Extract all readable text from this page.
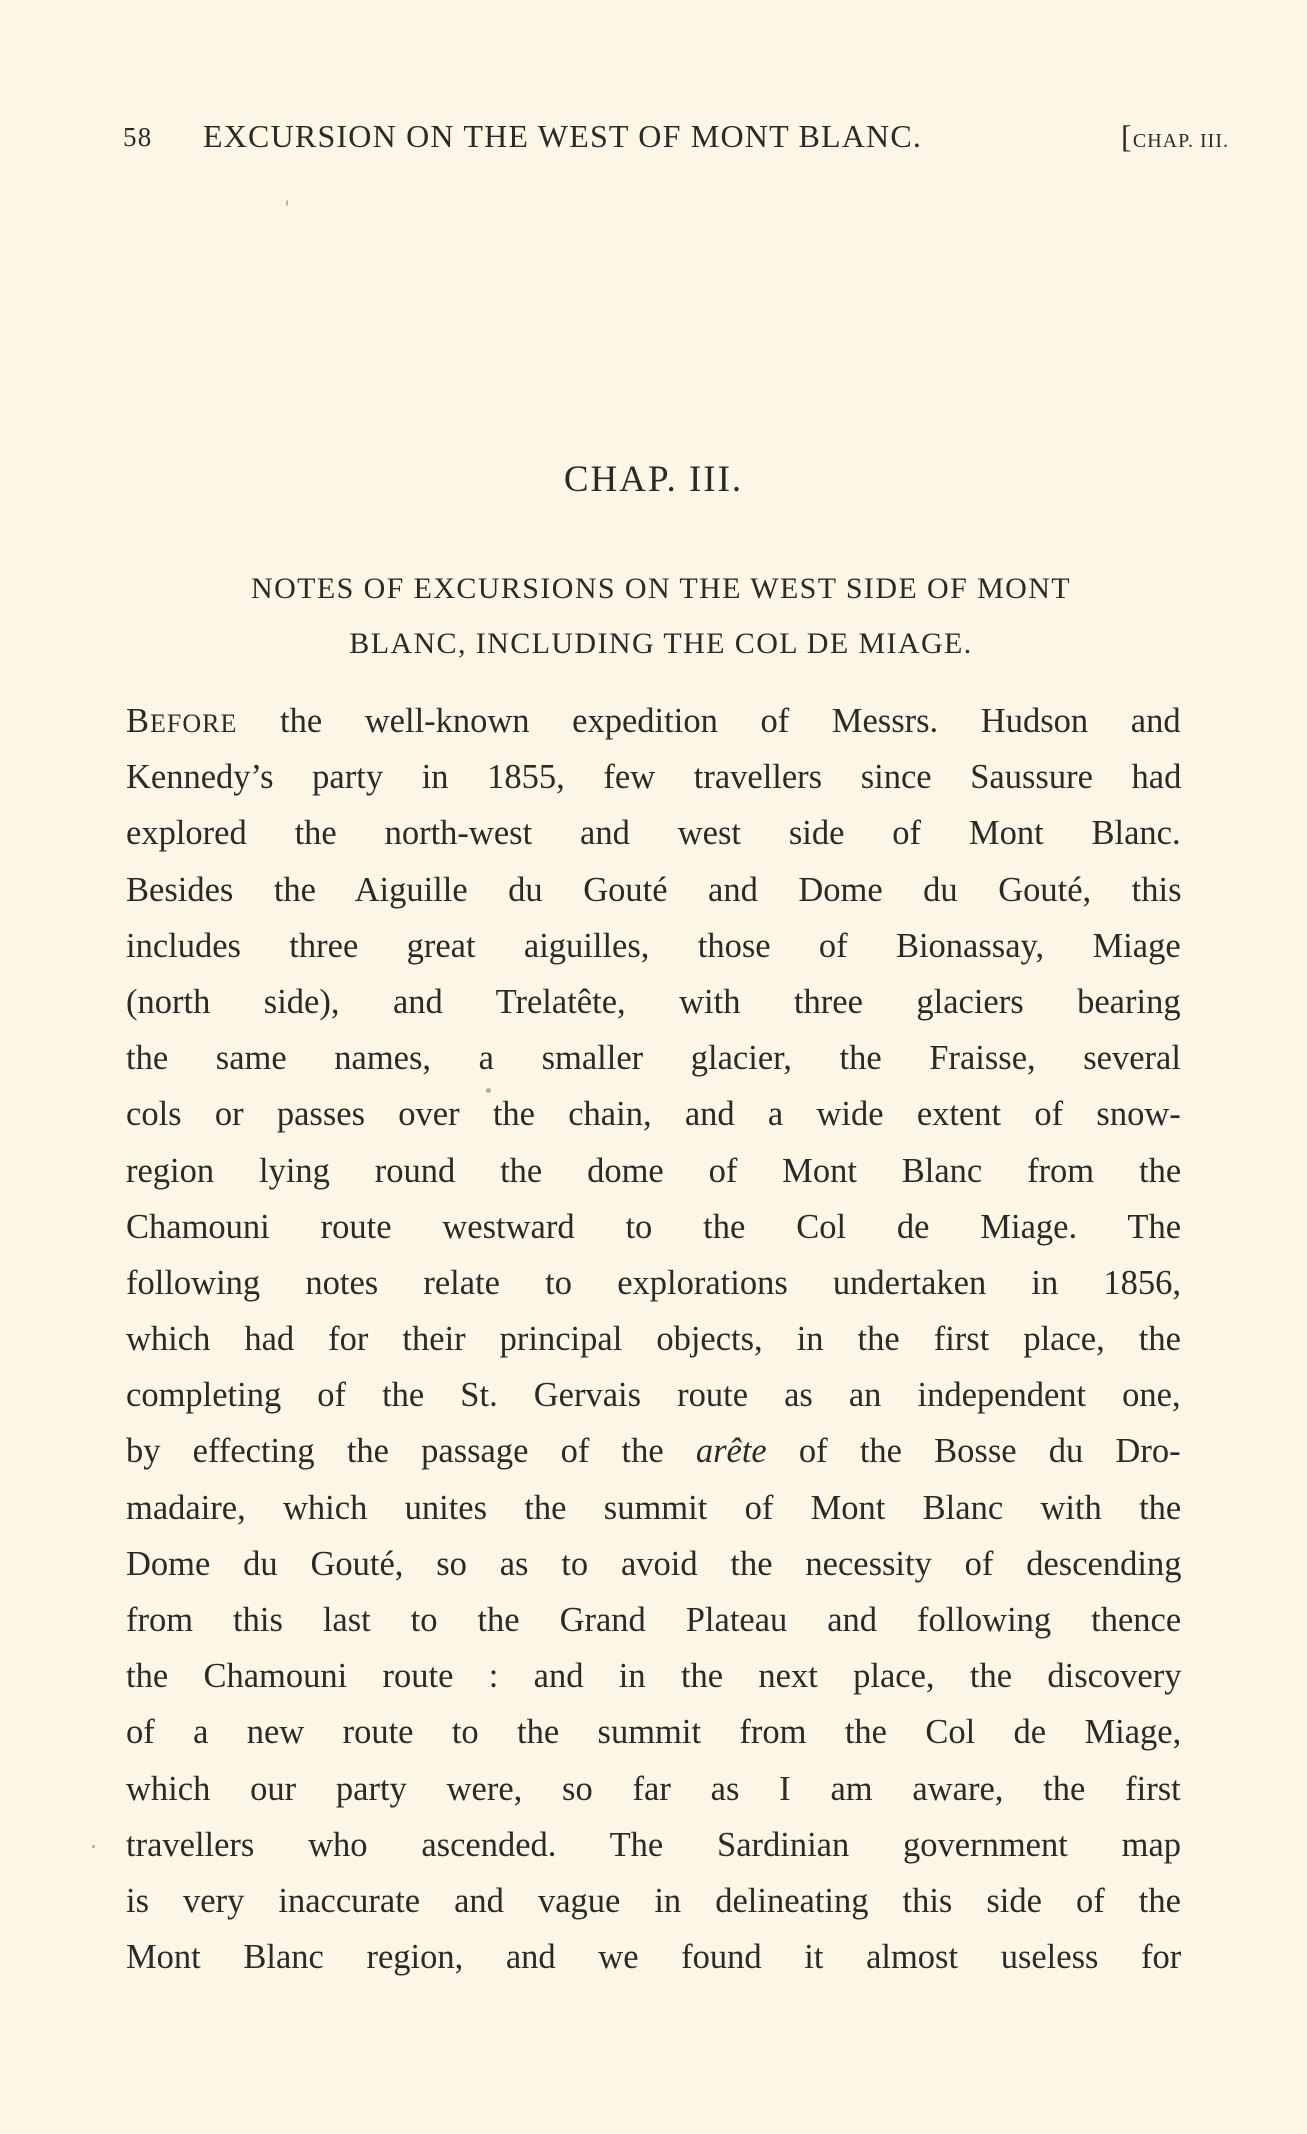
58 EXCURSION ON THE WEST OF MONT BLANC.	[CHAP. III.
CHAP. III.
NOTES OF EXCURSIONS ON THE WEST SIDE OF MONT
BLANC, INCLUDING THE COL DE MIAGE.
BEFORE the well-known expedition of Messrs. Hudson and
Kennedy’s party in 1855, few travellers since Saussure had
explored the north-west and west side of Mont Blanc.
Besides the Aiguille du Gouté and Dome du Gouté, this
includes three great aiguilles, those of Bionassay, Miage
(north side), and Trelatête, with three glaciers bearing
the same names, a smaller glacier, the Fraisse, several
cols or passes over the chain, and a wide extent of snow-
region lying round the dome of Mont Blanc from the
Chamouni route westward to the Col de Miage. The
following notes relate to explorations undertaken in 1856,
which had for their principal objects, in the first place, the
completing of the St. Gervais route as an independent one,
by effecting the passage of the arête of the Bosse du Dro-
madaire, which unites the summit of Mont Blanc with the
Dome du Gouté, so as to avoid the necessity of descending
from this last to the Grand Plateau and following thence
the Chamouni route : and in the next place, the discovery
of a new route to the summit from the Col de Miage,
which our party were, so far as I am aware, the first
travellers who ascended. The Sardinian government map
is very inaccurate and vague in delineating this side of the
Mont Blanc region, and we found it almost useless for
